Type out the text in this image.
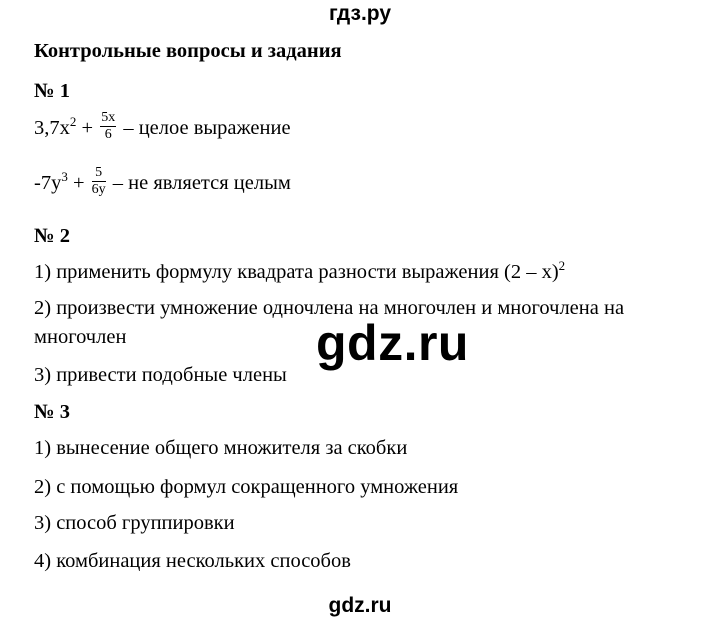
гдз.ру
Контрольные вопросы и задания
№ 1
$3,7x^2 + \frac{5x}{6}$ – целое выражение
$-7y^3 + \frac{5}{6y}$ – не является целым
№ 2
1) применить формулу квадрата разности выражения (2 – x)$^2$
2) произвести умножение одночлена на многочлен и многочлена на
многочлен
3) привести подобные члены
№ 3
1) вынесение общего множителя за скобки
2) с помощью формул сокращенного умножения
3) способ группировки
4) комбинация нескольких способов
gdz.ru
gdz.ru
